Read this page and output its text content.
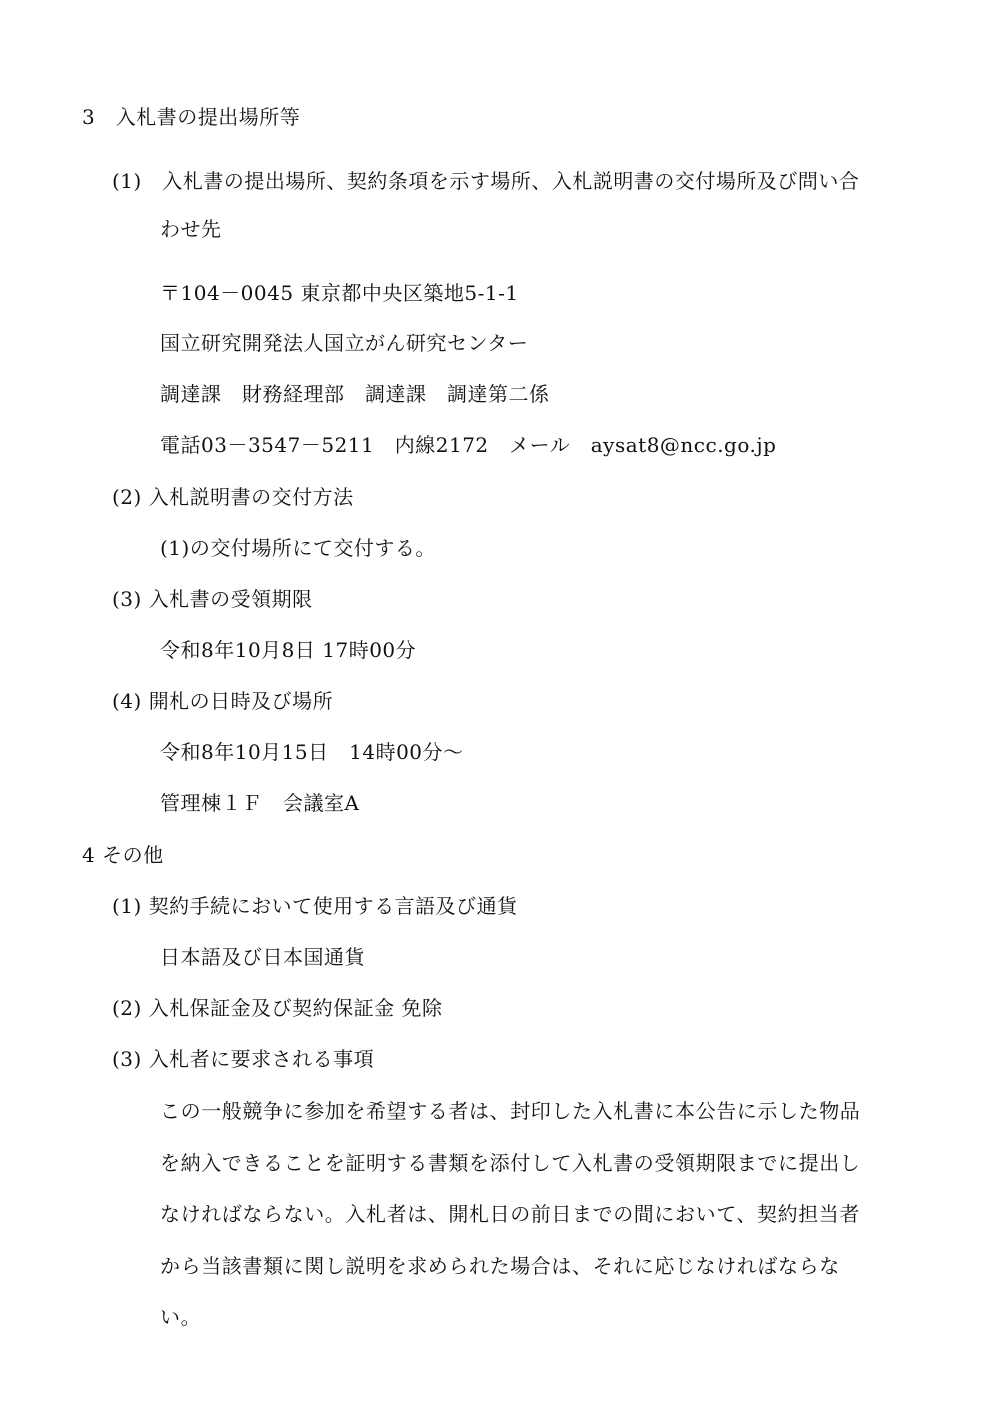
3　入札書の提出場所等
(1)　入札書の提出場所、契約条項を示す場所、入札説明書の交付場所及び問い合
わせ先
〒104－0045 東京都中央区築地5-1-1
国立研究開発法人国立がん研究センター
調達課　財務経理部　調達課　調達第二係
電話03－3547－5211　内線2172　メール　aysat8@ncc.go.jp
(2) 入札説明書の交付方法
(1)の交付場所にて交付する。
(3) 入札書の受領期限
令和8年10月8日 17時00分
(4) 開札の日時及び場所
令和8年10月15日　14時00分～
管理棟１Ｆ　会議室A
4 その他
(1) 契約手続において使用する言語及び通貨
日本語及び日本国通貨
(2) 入札保証金及び契約保証金 免除
(3) 入札者に要求される事項
この一般競争に参加を希望する者は、封印した入札書に本公告に示した物品
を納入できることを証明する書類を添付して入札書の受領期限までに提出し
なければならない。入札者は、開札日の前日までの間において、契約担当者
から当該書類に関し説明を求められた場合は、それに応じなければならな
い。
